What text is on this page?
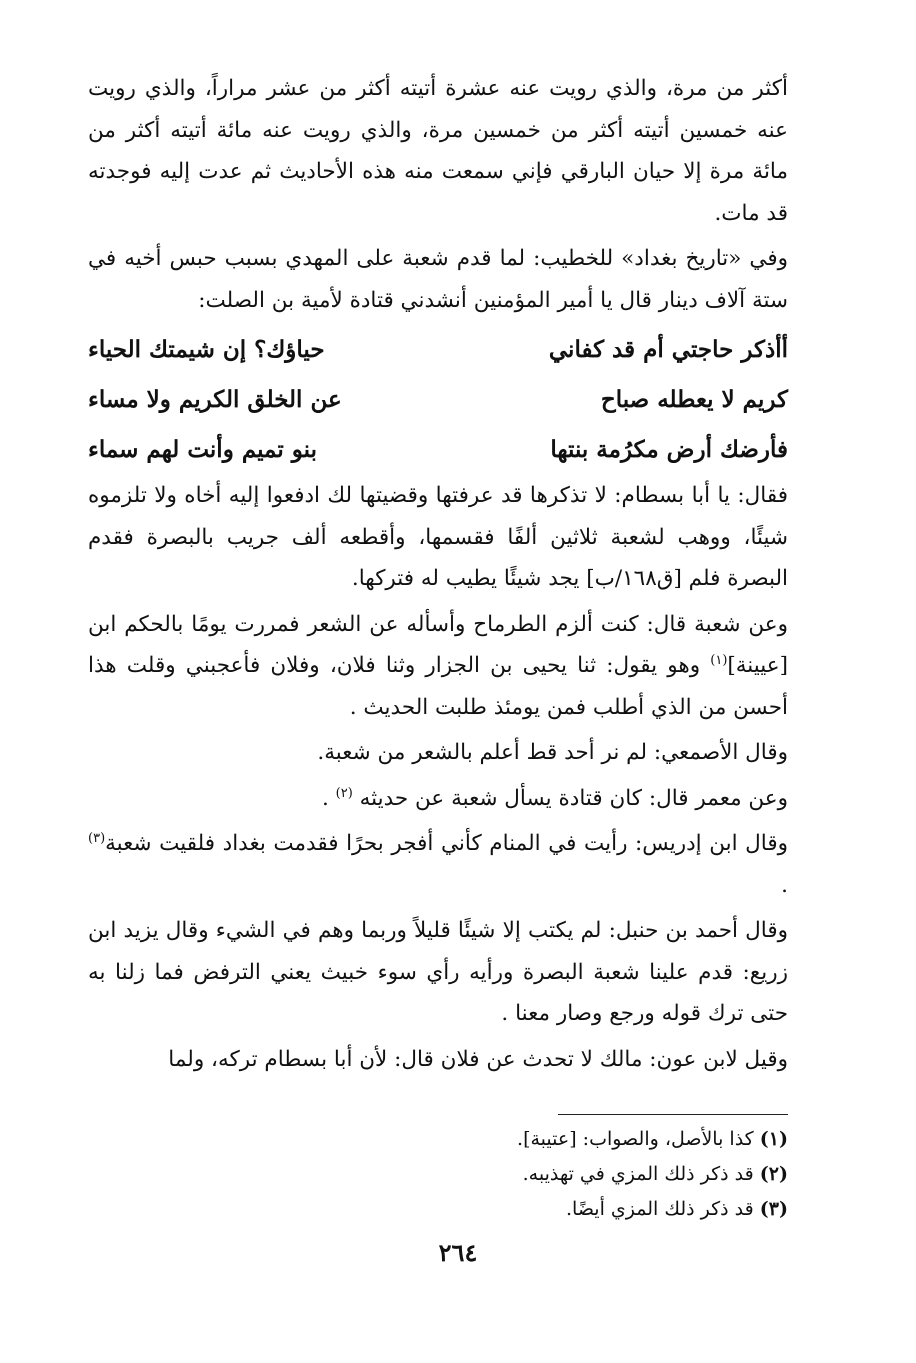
أكثر من مرة، والذي رويت عنه عشرة أتيته أكثر من عشر مراراً، والذي رويت عنه خمسين أتيته أكثر من خمسين مرة، والذي رويت عنه مائة أتيته أكثر من مائة مرة إلا حيان البارقي فإني سمعت منه هذه الأحاديث ثم عدت إليه فوجدته قد مات.

وفي «تاريخ بغداد» للخطيب: لما قدم شعبة على المهدي بسبب حبس أخيه في ستة آلاف دينار قال يا أمير المؤمنين أنشدني قتادة لأمية بن الصلت:

أأذكر حاجتي أم قد كفاني
حياؤك؟ إن شيمتك الحياء
كريم لا يعطله صباح
عن الخلق الكريم ولا مساء
فأرضك أرض مكرُمة بنتها
بنو تميم وأنت لهم سماء

فقال: يا أبا بسطام: لا تذكرها قد عرفتها وقضيتها لك ادفعوا إليه أخاه ولا تلزموه شيئًا، ووهب لشعبة ثلاثين ألفًا فقسمها، وأقطعه ألف جريب بالبصرة فقدم البصرة فلم [ق١٦٨/ب] يجد شيئًا يطيب له فتركها.

وعن شعبة قال: كنت ألزم الطرماح وأسأله عن الشعر فمررت يومًا بالحكم ابن [عيينة]$^{(١)}$ وهو يقول: ثنا يحيى بن الجزار وثنا فلان، وفلان فأعجبني وقلت هذا أحسن من الذي أطلب فمن يومئذ طلبت الحديث .

وقال الأصمعي: لم نر أحد قط أعلم بالشعر من شعبة.

وعن معمر قال: كان قتادة يسأل شعبة عن حديثه $^{(٢)}$ .

وقال ابن إدريس: رأيت في المنام كأني أفجر بحرًا فقدمت بغداد فلقيت شعبة$^{(٣)}$ .

وقال أحمد بن حنبل: لم يكتب إلا شيئًا قليلاً وربما وهم في الشيء وقال يزيد ابن زريع: قدم علينا شعبة البصرة ورأيه رأي سوء خبيث يعني الترفض فما زلنا به حتى ترك قوله ورجع وصار معنا .

وقيل لابن عون: مالك لا تحدث عن فلان قال: لأن أبا بسطام تركه، ولما

(١) كذا بالأصل، والصواب: [عتيبة].

(٢) قد ذكر ذلك المزي في تهذيبه.

(٣) قد ذكر ذلك المزي أيضًا.

٢٦٤
